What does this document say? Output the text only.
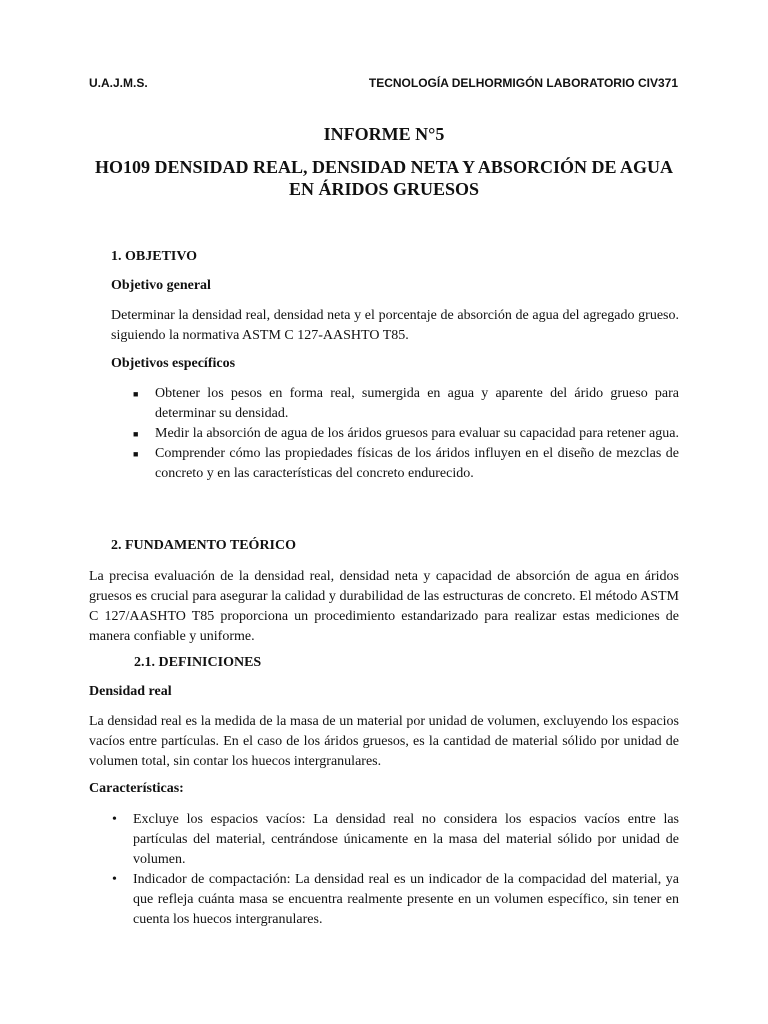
U.A.J.M.S.	TECNOLOGÍA DELHORMIGÓN LABORATORIO CIV371
INFORME N°5
HO109 DENSIDAD REAL, DENSIDAD NETA Y ABSORCIÓN DE AGUA
EN ÁRIDOS GRUESOS
1. OBJETIVO
Objetivo general

Determinar la densidad real, densidad neta y el porcentaje de absorción de agua del agregado grueso. siguiendo la normativa ASTM C 127-AASHTO T85.

Objetivos específicos
■ Obtener los pesos en forma real, sumergida en agua y aparente del árido grueso para determinar su densidad.
■ Medir la absorción de agua de los áridos gruesos para evaluar su capacidad para retener agua.
■ Comprender cómo las propiedades físicas de los áridos influyen en el diseño de mezclas de concreto y en las características del concreto endurecido.
2. FUNDAMENTO TEÓRICO

La precisa evaluación de la densidad real, densidad neta y capacidad de absorción de agua en áridos gruesos es crucial para asegurar la calidad y durabilidad de las estructuras de concreto. El método ASTM C 127/AASHTO T85 proporciona un procedimiento estandarizado para realizar estas mediciones de manera confiable y uniforme.

2.1. DEFINICIONES
Densidad real

La densidad real es la medida de la masa de un material por unidad de volumen, excluyendo los espacios vacíos entre partículas. En el caso de los áridos gruesos, es la cantidad de material sólido por unidad de volumen total, sin contar los huecos intergranulares.

Características:
• Excluye los espacios vacíos: La densidad real no considera los espacios vacíos entre las partículas del material, centrándose únicamente en la masa del material sólido por unidad de volumen.
• Indicador de compactación: La densidad real es un indicador de la compacidad del material, ya que refleja cuánta masa se encuentra realmente presente en un volumen específico, sin tener en cuenta los huecos intergranulares.
